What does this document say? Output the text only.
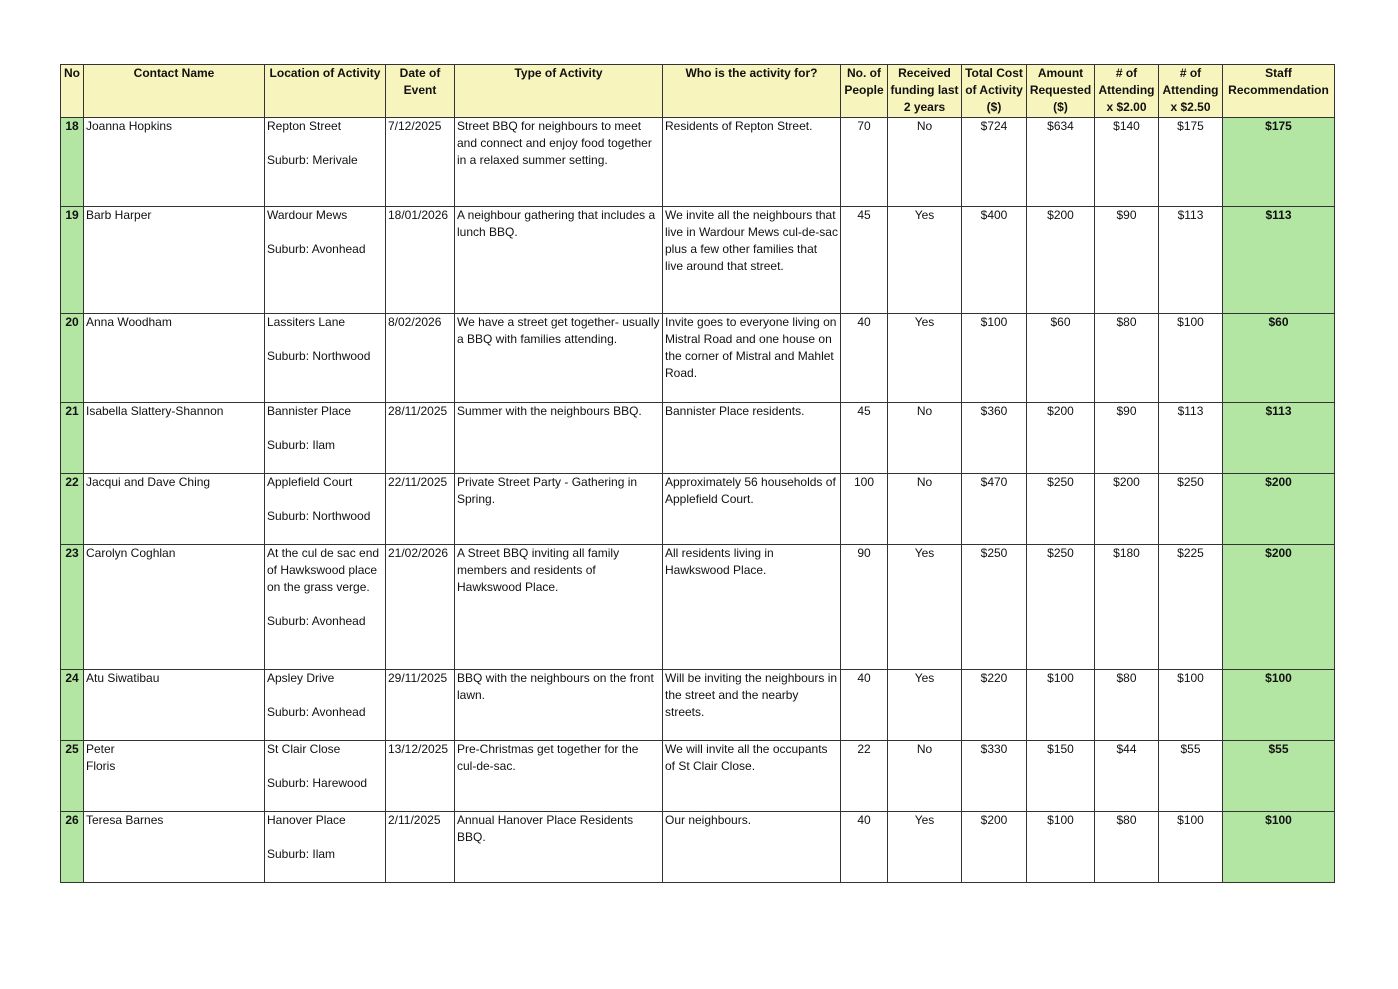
No	Contact Name	Location of Activity	Date of Event	Type of Activity	Who is the activity for?	No. of People	Received funding last 2 years	Total Cost of Activity ($)	Amount Requested ($)	# of Attending x $2.00	# of Attending x $2.50	Staff Recommendation
18	Joanna Hopkins	Repton Street
Suburb: Merivale	7/12/2025	Street BBQ for neighbours to meet and connect and enjoy food together in a relaxed summer setting.	Residents of Repton Street.	70	No	$724	$634	$140	$175	$175
19	Barb Harper	Wardour Mews
Suburb: Avonhead	18/01/2026	A neighbour gathering that includes a lunch BBQ.	We invite all the neighbours that live in Wardour Mews cul-de-sac plus a few other families that live around that street.	45	Yes	$400	$200	$90	$113	$113
20	Anna Woodham	Lassiters Lane
Suburb: Northwood	8/02/2026	We have a street get together- usually a BBQ with families attending.	Invite goes to everyone living on Mistral Road and one house on the corner of Mistral and Mahlet Road.	40	Yes	$100	$60	$80	$100	$60
21	Isabella Slattery-Shannon	Bannister Place
Suburb: Ilam	28/11/2025	Summer with the neighbours BBQ.	Bannister Place residents.	45	No	$360	$200	$90	$113	$113
22	Jacqui and Dave Ching	Applefield Court
Suburb: Northwood	22/11/2025	Private Street Party - Gathering in Spring.	Approximately 56 households of Applefield Court.	100	No	$470	$250	$200	$250	$200
23	Carolyn Coghlan	At the cul de sac end of Hawkswood place on the grass verge.
Suburb: Avonhead	21/02/2026	A Street BBQ inviting all family members and residents of Hawkswood Place.	All residents living in Hawkswood Place.	90	Yes	$250	$250	$180	$225	$200
24	Atu Siwatibau	Apsley Drive
Suburb: Avonhead	29/11/2025	BBQ with the neighbours on the front lawn.	Will be inviting the neighbours in the street and the nearby streets.	40	Yes	$220	$100	$80	$100	$100
25	Peter
Floris	St Clair Close
Suburb: Harewood	13/12/2025	Pre-Christmas get together for the cul-de-sac.	We will invite all the occupants of St Clair Close.	22	No	$330	$150	$44	$55	$55
26	Teresa Barnes	Hanover Place
Suburb: Ilam	2/11/2025	Annual Hanover Place Residents BBQ.	Our neighbours.	40	Yes	$200	$100	$80	$100	$100
